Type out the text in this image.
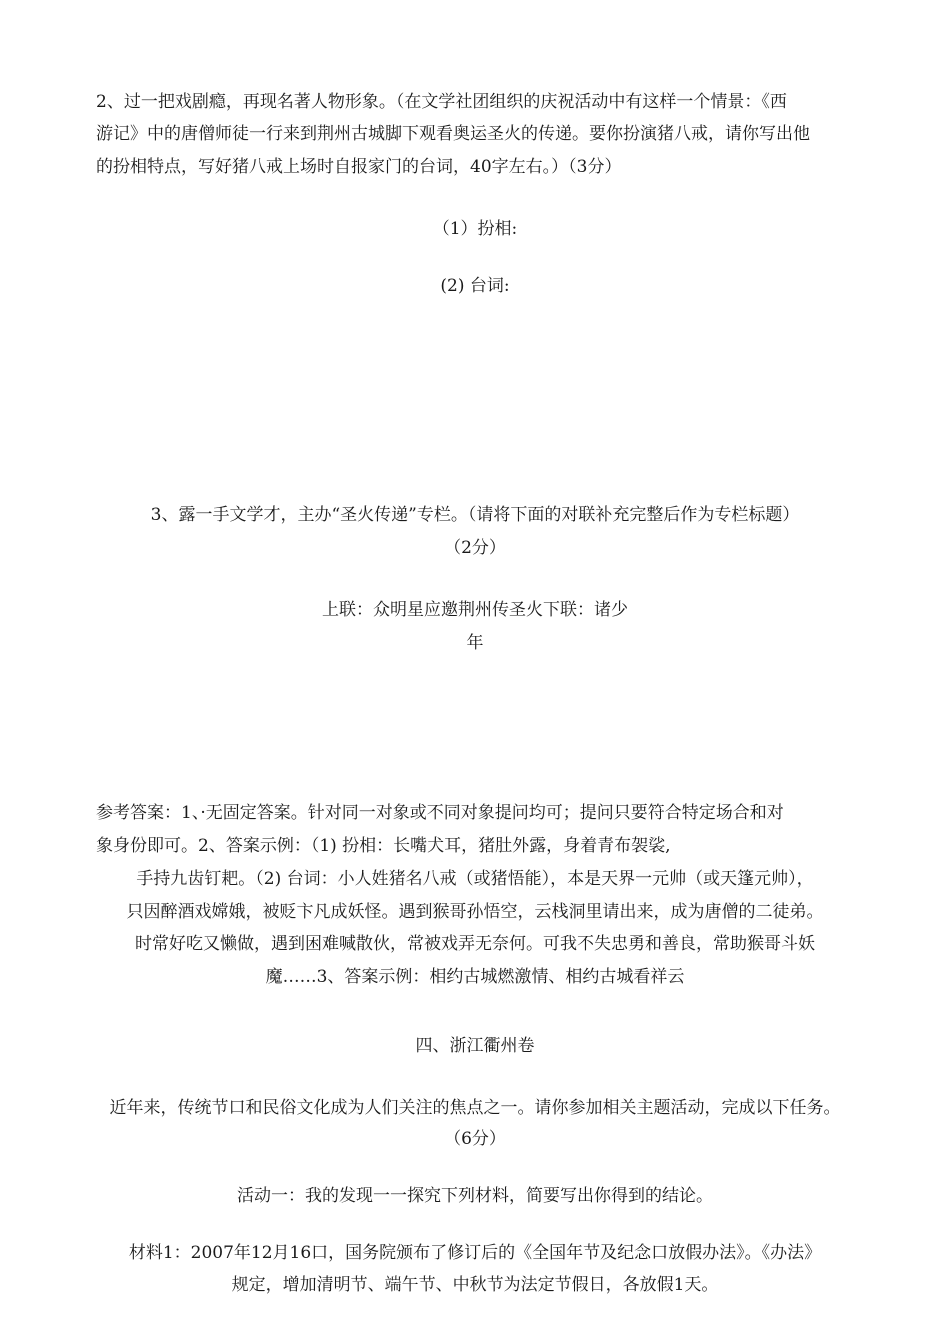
2、过一把戏剧瘾，再现名著人物形象。（在文学社团组织的庆祝活动中有这样一个情景：《西
游记》中的唐僧师徒一行来到荆州古城脚下观看奥运圣火的传递。要你扮演猪八戒，请你写出他
的扮相特点，写好猪八戒上场时自报家门的台词，40字左右。）（3分）
（1）扮相:
(2) 台词:
3、露一手文学才，主办“圣火传递”专栏。（请将下面的对联补充完整后作为专栏标题）
（2分）
上联：众明星应邀荆州传圣火下联：诸少
年
参考答案：1、·无固定答案。针对同一对象或不同对象提问均可；提问只要符合特定场合和对
象身份即可。2、答案示例：（1) 扮相：长嘴犬耳，猪肚外露，身着青布袈裟,
手持九齿钉耙。（2) 台词：小人姓猪名八戒（或猪悟能），本是天界一元帅（或天篷元帅），
只因醉酒戏嫦娥，被贬卞凡成妖怪。遇到猴哥孙悟空，云栈洞里请出来，成为唐僧的二徒弟。
时常好吃又懒做，遇到困难喊散伙，常被戏弄无奈何。可我不失忠勇和善良，常助猴哥斗妖
魔……3、答案示例：相约古城燃激情、相约古城看祥云
四、浙江衢州卷
近年来，传统节口和民俗文化成为人们关注的焦点之一。请你参加相关主题活动，完成以下任务。
（6分）
活动一：我的发现一一探究下列材料，简要写出你得到的结论。
材料1：2007年12月16口，国务院颁布了修订后的《全国年节及纪念口放假办法》。《办法》
规定，增加清明节、端午节、中秋节为法定节假日，各放假1天。
